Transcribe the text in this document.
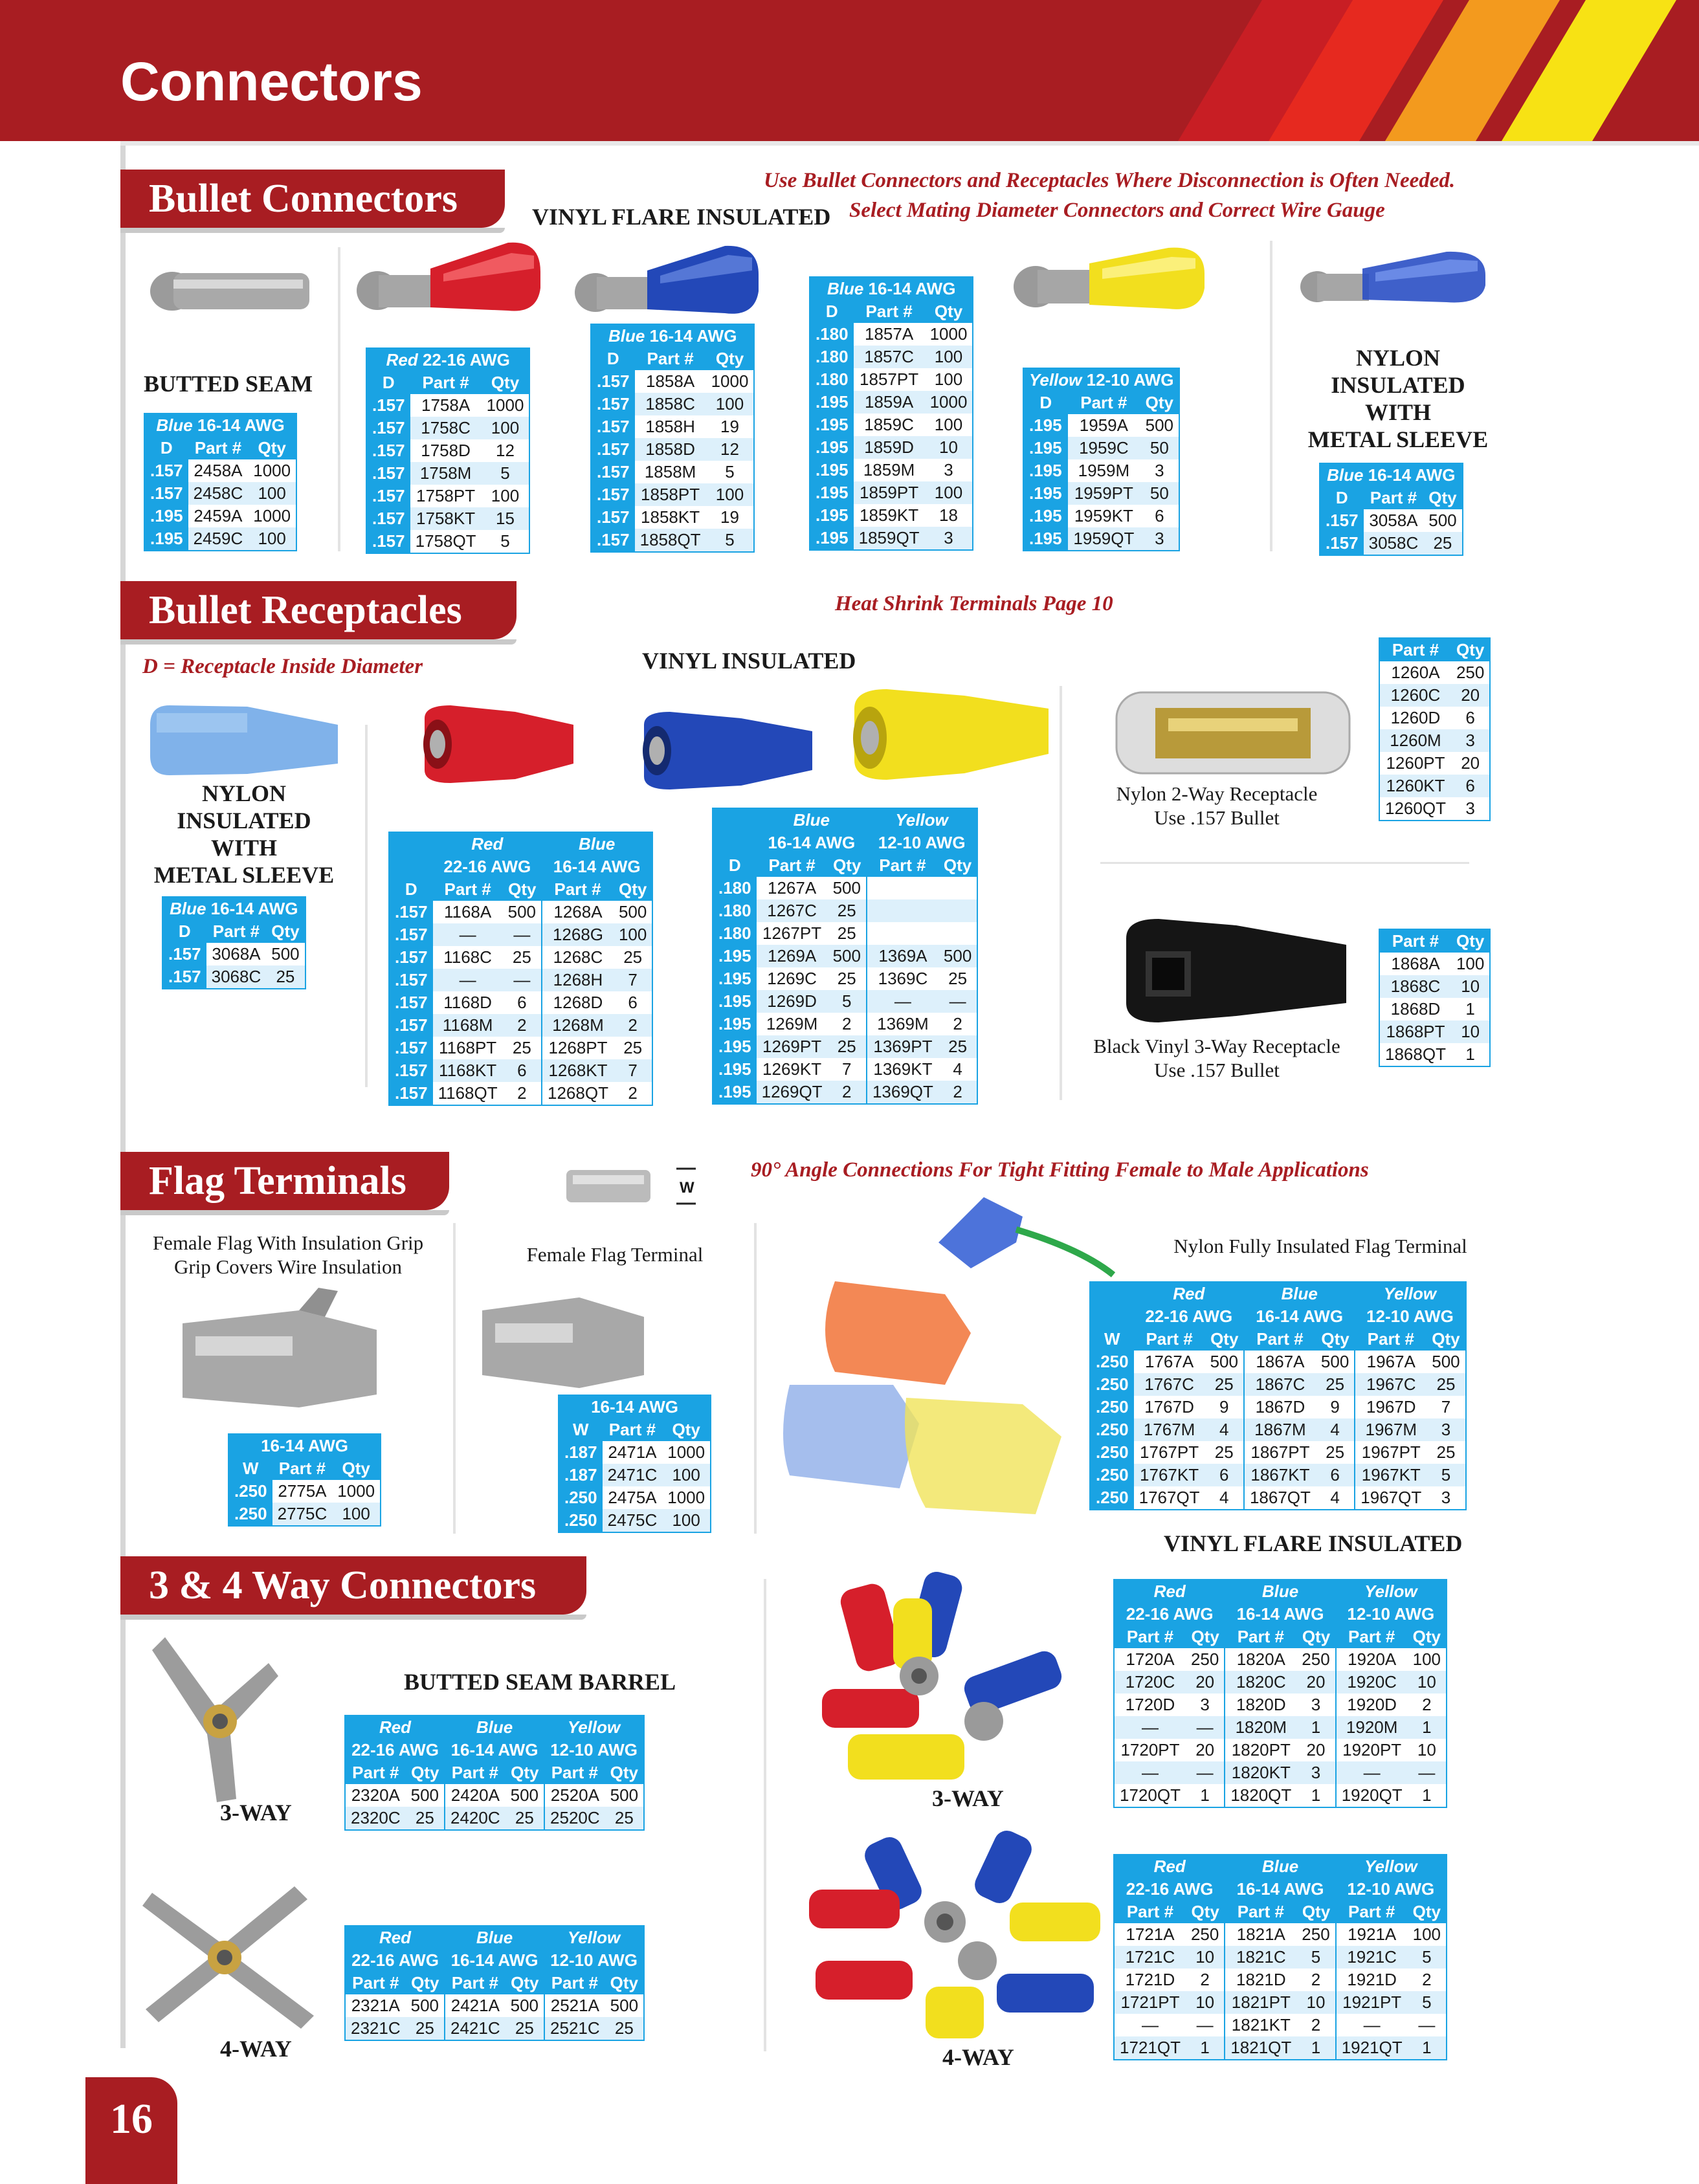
Connectors
Bullet Connectors
Bullet Receptacles
Flag Terminals
3 & 4 Way Connectors
Use Bullet Connectors and Receptacles Where Disconnection is Often Needed.
Select Mating Diameter Connectors and Correct Wire Gauge
Heat Shrink Terminals Page 10
D = Receptacle Inside Diameter
90° Angle Connections For Tight Fitting Female to Male Applications
VINYL FLARE INSULATED
BUTTED SEAM
NYLON
INSULATED
WITH
METAL SLEEVE
NYLON
INSULATED
WITH
METAL SLEEVE
VINYL INSULATED
Nylon 2-Way Receptacle
Use .157 Bullet
Black Vinyl 3-Way Receptacle
Use .157 Bullet
Female Flag With Insulation Grip
Grip Covers Wire Insulation
Female Flag Terminal	Nylon Fully Insulated Flag Terminal
VINYL FLARE INSULATED
BUTTED SEAM BARREL
3-WAY
4-WAY
3-WAY
4-WAY
W
Blue 16-14 AWG		
D	Part #	Qty
.157	2458A	1000
.157	2458C	100
.195	2459A	1000
.195	2459C	100
Red 22-16 AWG		
D	Part #	Qty
.157	1758A	1000
.157	1758C	100
.157	1758D	12
.157	1758M	5
.157	1758PT	100
.157	1758KT	15
.157	1758QT	5
Blue 16-14 AWG		
D	Part #	Qty
.157	1858A	1000
.157	1858C	100
.157	1858H	19
.157	1858D	12
.157	1858M	5
.157	1858PT	100
.157	1858KT	19
.157	1858QT	5
Blue 16-14 AWG		
D	Part #	Qty
.180	1857A	1000
.180	1857C	100
.180	1857PT	100
.195	1859A	1000
.195	1859C	100
.195	1859D	10
.195	1859M	3
.195	1859PT	100
.195	1859KT	18
.195	1859QT	3
Yellow 12-10 AWG		
D	Part #	Qty
.195	1959A	500
.195	1959C	50
.195	1959M	3
.195	1959PT	50
.195	1959KT	6
.195	1959QT	3
Blue 16-14 AWG		
D	Part #	Qty
.157	3058A	500
.157	3058C	25
Blue 16-14 AWG		
D	Part #	Qty
.157	3068A	500
.157	3068C	25
	Red		Blue	
	22-16 AWG		16-14 AWG	
D	Part #	Qty	Part #	Qty
.157	1168A	500	1268A	500
.157	—	—	1268G	100
.157	1168C	25	1268C	25
.157	—	—	1268H	7
.157	1168D	6	1268D	6
.157	1168M	2	1268M	2
.157	1168PT	25	1268PT	25
.157	1168KT	6	1268KT	7
.157	1168QT	2	1268QT	2
	Blue		Yellow	
	16-14 AWG		12-10 AWG	
D	Part #	Qty	Part #	Qty
.180	1267A	500		
.180	1267C	25		
.180	1267PT	25		
.195	1269A	500	1369A	500
.195	1269C	25	1369C	25
.195	1269D	5	—	—
.195	1269M	2	1369M	2
.195	1269PT	25	1369PT	25
.195	1269KT	7	1369KT	4
.195	1269QT	2	1369QT	2
Part #	Qty
1260A	250
1260C	20
1260D	6
1260M	3
1260PT	20
1260KT	6
1260QT	3
Part #	Qty
1868A	100
1868C	10
1868D	1
1868PT	10
1868QT	1
16-14 AWG		
W	Part #	Qty
.250	2775A	1000
.250	2775C	100
16-14 AWG		
W	Part #	Qty
.187	2471A	1000
.187	2471C	100
.250	2475A	1000
.250	2475C	100
	Red		Blue		Yellow	
	22-16 AWG		16-14 AWG		12-10 AWG	
W	Part #	Qty	Part #	Qty	Part #	Qty
.250	1767A	500	1867A	500	1967A	500
.250	1767C	25	1867C	25	1967C	25
.250	1767D	9	1867D	9	1967D	7
.250	1767M	4	1867M	4	1967M	3
.250	1767PT	25	1867PT	25	1967PT	25
.250	1767KT	6	1867KT	6	1967KT	5
.250	1767QT	4	1867QT	4	1967QT	3
Red		Blue		Yellow	
22-16 AWG		16-14 AWG		12-10 AWG	
Part #	Qty	Part #	Qty	Part #	Qty
2320A	500	2420A	500	2520A	500
2320C	25	2420C	25	2520C	25
Red		Blue		Yellow	
22-16 AWG		16-14 AWG		12-10 AWG	
Part #	Qty	Part #	Qty	Part #	Qty
2321A	500	2421A	500	2521A	500
2321C	25	2421C	25	2521C	25
Red		Blue		Yellow	
22-16 AWG		16-14 AWG		12-10 AWG	
Part #	Qty	Part #	Qty	Part #	Qty
1720A	250	1820A	250	1920A	100
1720C	20	1820C	20	1920C	10
1720D	3	1820D	3	1920D	2
—	—	1820M	1	1920M	1
1720PT	20	1820PT	20	1920PT	10
—	—	1820KT	3	—	—
1720QT	1	1820QT	1	1920QT	1
Red		Blue		Yellow	
22-16 AWG		16-14 AWG		12-10 AWG	
Part #	Qty	Part #	Qty	Part #	Qty
1721A	250	1821A	250	1921A	100
1721C	10	1821C	5	1921C	5
1721D	2	1821D	2	1921D	2
1721PT	10	1821PT	10	1921PT	5
—	—	1821KT	2	—	—
1721QT	1	1821QT	1	1921QT	1
16
